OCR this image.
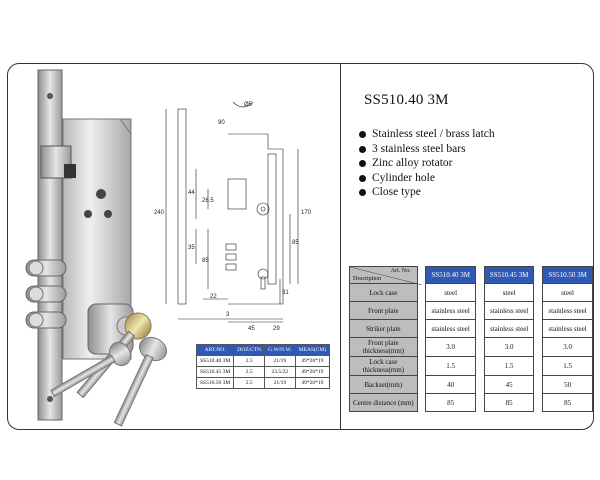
Ø5
90
44
26.5
35
85
240
22
3
45	29
170
85
31
ART.NO.	DOZ/CTN	G.W/N.W.	MEAS(CM)
SS510.40 3M	2.5	21/19	49*26*19
SS510.45 3M	2.5	23.5/22	49*26*19
SS510.50 3M	2.5	21/19	49*26*19
SS510.40 3M
Stainless steel / brass latch
3 stainless steel bars
Zinc alloy rotator
Cylinder hole
Close type
Art. No.
Description		SS510.40 3M		SS510.45 3M		SS510.50 3M
Lock case		steel		steel		steel
Front plate		stainless steel		stainless steel		stainless steel
Striker plate		stainless steel		stainless steel		stainless steel
Front plate thickness(mm)		3.0		3.0		3.0
Lock case thickness(mm)		1.5		1.5		1.5
Backset(mm)		40		45		50
Centre distance (mm)		85		85		85
